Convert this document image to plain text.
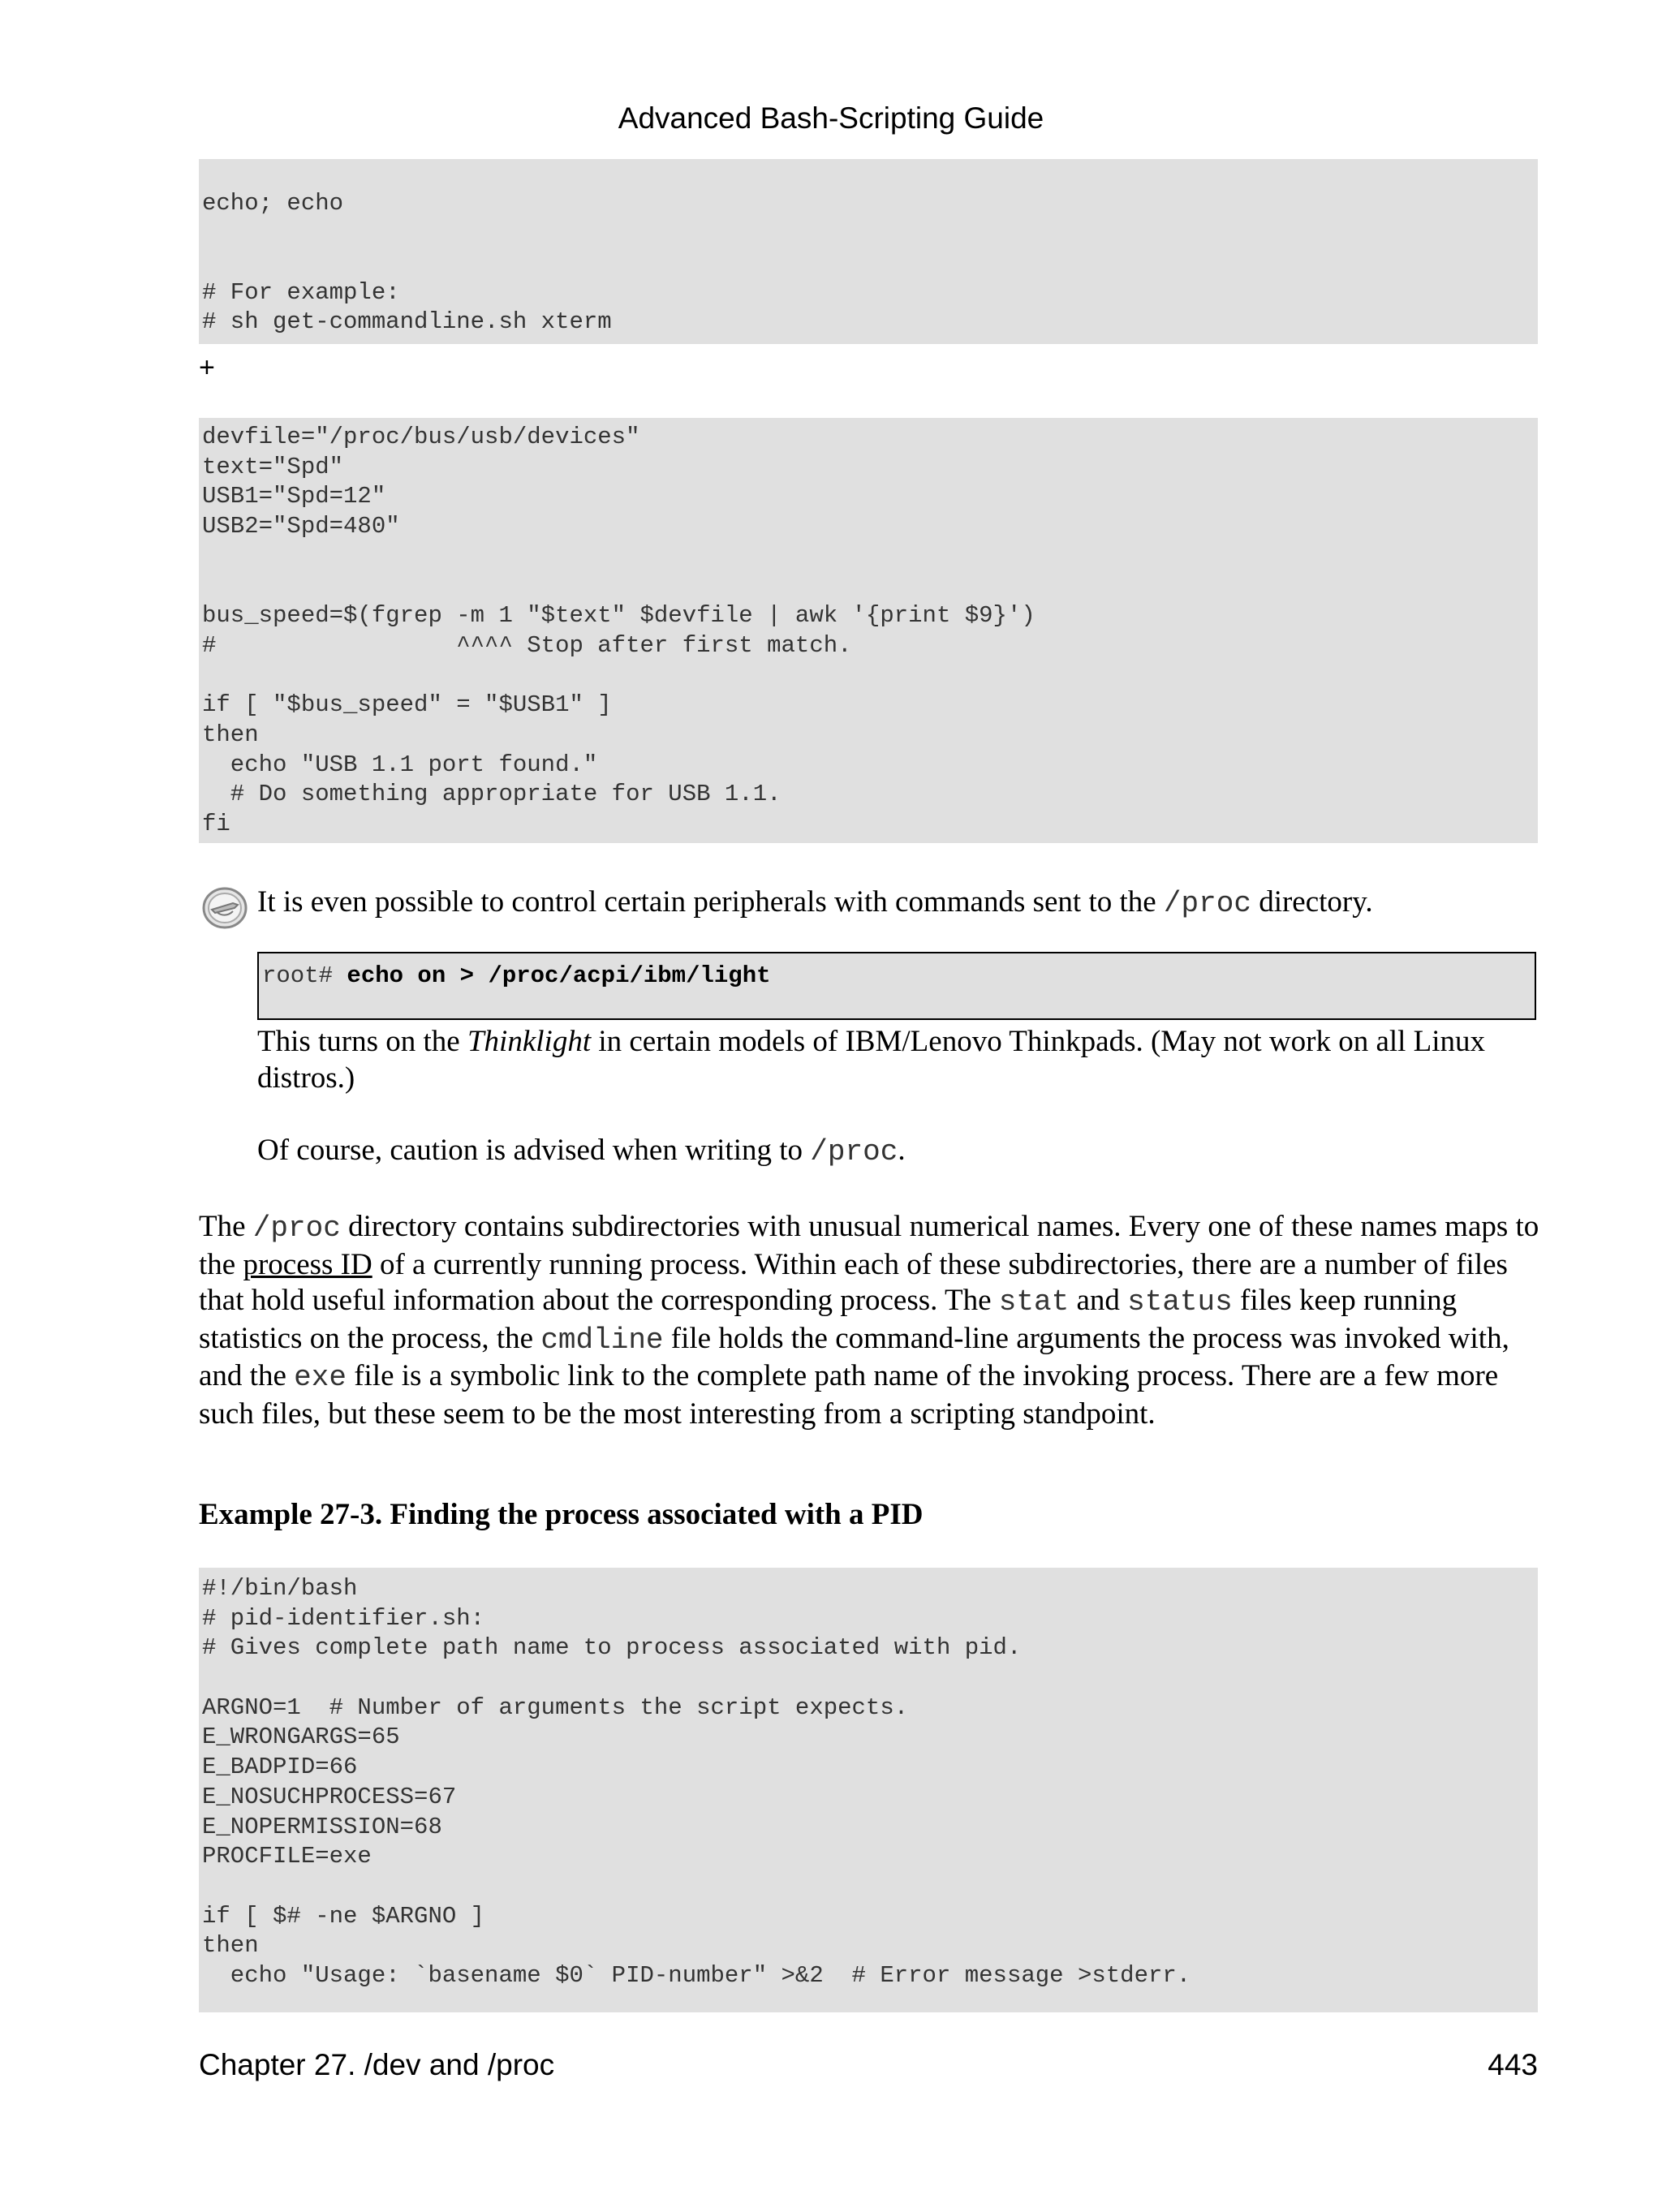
Advanced Bash-Scripting Guide
echo; echo
# For example:
# sh get-commandline.sh xterm
+
devfile="/proc/bus/usb/devices"
text="Spd"
USB1="Spd=12"
USB2="Spd=480"
bus_speed=$(fgrep -m 1 "$text" $devfile | awk '{print $9}')
#                 ^^^^ Stop after first match.
if [ "$bus_speed" = "$USB1" ]
then
echo "USB 1.1 port found."
# Do something appropriate for USB 1.1.
fi
It is even possible to control certain peripherals with commands sent to the /proc directory.
root# echo on > /proc/acpi/ibm/light
This turns on the Thinklight in certain models of IBM/Lenovo Thinkpads. (May not work on all Linux distros.)
Of course, caution is advised when writing to /proc.
The /proc directory contains subdirectories with unusual numerical names. Every one of these names maps to the process ID of a currently running process. Within each of these subdirectories, there are a number of files that hold useful information about the corresponding process. The stat and status files keep running statistics on the process, the cmdline file holds the command-line arguments the process was invoked with, and the exe file is a symbolic link to the complete path name of the invoking process. There are a few more such files, but these seem to be the most interesting from a scripting standpoint.
Example 27-3. Finding the process associated with a PID
#!/bin/bash
# pid-identifier.sh:
# Gives complete path name to process associated with pid.
ARGNO=1  # Number of arguments the script expects.
E_WRONGARGS=65
E_BADPID=66
E_NOSUCHPROCESS=67
E_NOPERMISSION=68
PROCFILE=exe
if [ $# -ne $ARGNO ]
then
echo "Usage: `basename $0` PID-number" >&2  # Error message >stderr.
Chapter 27. /dev and /proc	443
